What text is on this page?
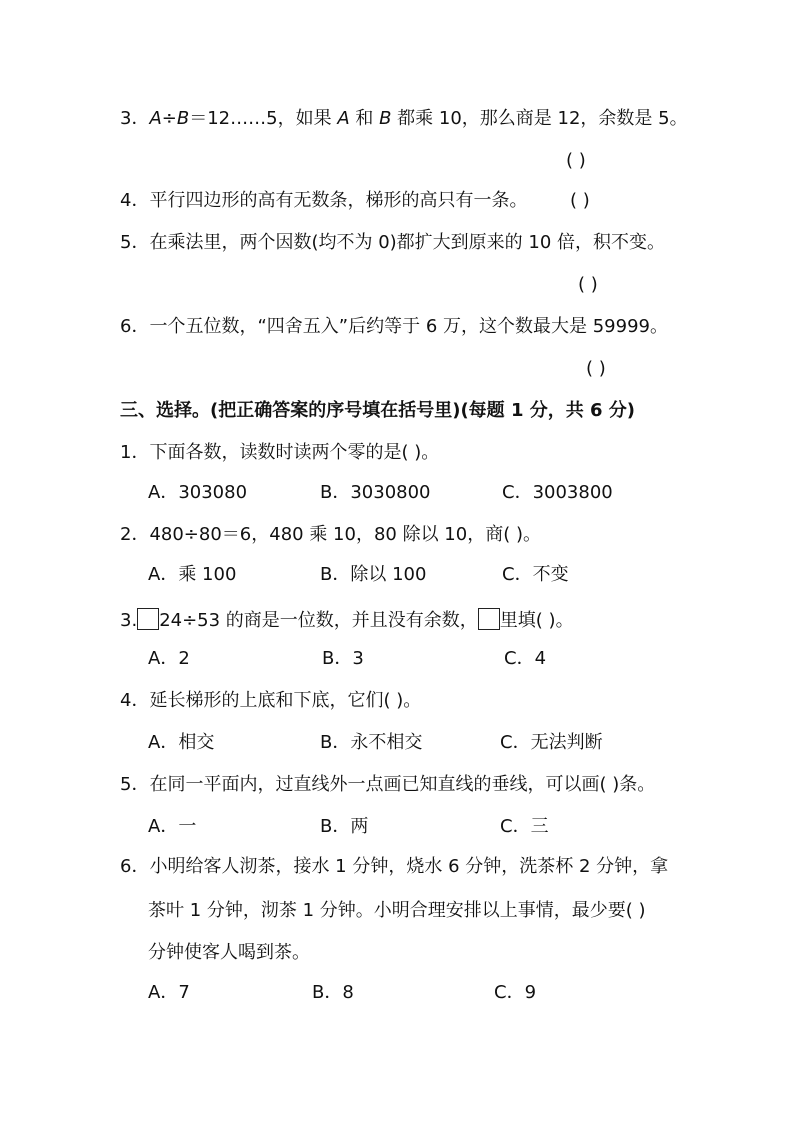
3．A÷B＝12……5，如果 A 和 B 都乘 10，那么商是 12，余数是 5。
( )
4．平行四边形的高有无数条，梯形的高只有一条。 ( )
5．在乘法里，两个因数(均不为 0)都扩大到原来的 10 倍，积不变。
( )
6．一个五位数，“四舍五入”后约等于 6 万，这个数最大是 59999。
( )
三、选择。(把正确答案的序号填在括号里)(每题 1 分，共 6 分)
1．下面各数，读数时读两个零的是( )。
A．303080	B．3030800	C．3003800
2．480÷80＝6，480 乘 10，80 除以 10，商( )。
A．乘 100	B．除以 100	C．不变
3. 24÷53 的商是一位数，并且没有余数， 里填( )。
A．2	B．3	C．4
4．延长梯形的上底和下底，它们( )。
A．相交	B．永不相交	C．无法判断
5．在同一平面内，过直线外一点画已知直线的垂线，可以画( )条。
A．一	B．两	C．三
6．小明给客人沏茶，接水 1 分钟，烧水 6 分钟，洗茶杯 2 分钟，拿
茶叶 1 分钟，沏茶 1 分钟。小明合理安排以上事情，最少要( )
分钟使客人喝到茶。
A．7	B．8	C．9
